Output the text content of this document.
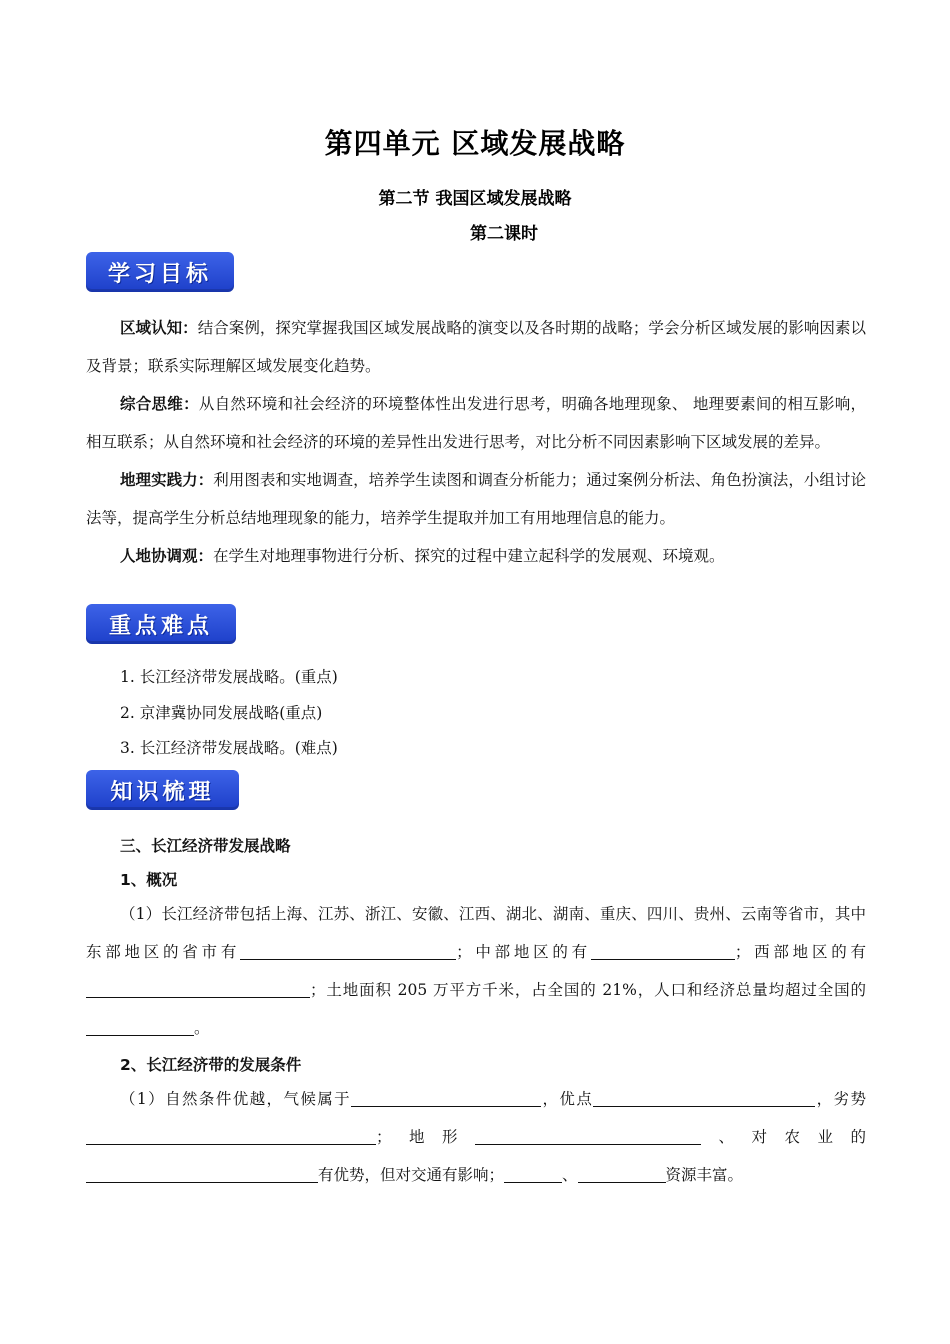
第四单元 区域发展战略
第二节 我国区域发展战略
第二课时
学习目标
区域认知：结合案例，探究掌握我国区域发展战略的演变以及各时期的战略；学会分析区域发展的影响因素以及背景；联系实际理解区域发展变化趋势。
综合思维：从自然环境和社会经济的环境整体性出发进行思考，明确各地理现象、 地理要素间的相互影响，相互联系；从自然环境和社会经济的环境的差异性出发进行思考，对比分析不同因素影响下区域发展的差异。
地理实践力：利用图表和实地调查，培养学生读图和调查分析能力；通过案例分析法、角色扮演法，小组讨论法等，提高学生分析总结地理现象的能力，培养学生提取并加工有用地理信息的能力。
人地协调观：在学生对地理事物进行分析、探究的过程中建立起科学的发展观、环境观。
重点难点
1. 长江经济带发展战略。(重点)
2. 京津冀协同发展战略(重点)
3. 长江经济带发展战略。(难点)
知识梳理
三、长江经济带发展战略
1、概况
（1）长江经济带包括上海、江苏、浙江、安徽、江西、湖北、湖南、重庆、四川、贵州、云南等省市，其中东部地区的省市有	；中部地区的有	；西部地区的有；土地面积 205 万平方千米，占全国的 21%，人口和经济总量均超过全国的。
2、长江经济带的发展条件
（1）自然条件优越，气候属于	，优点	，劣势；地形	、对农业的有优势，但对交通有影响；	、	资源丰富。
